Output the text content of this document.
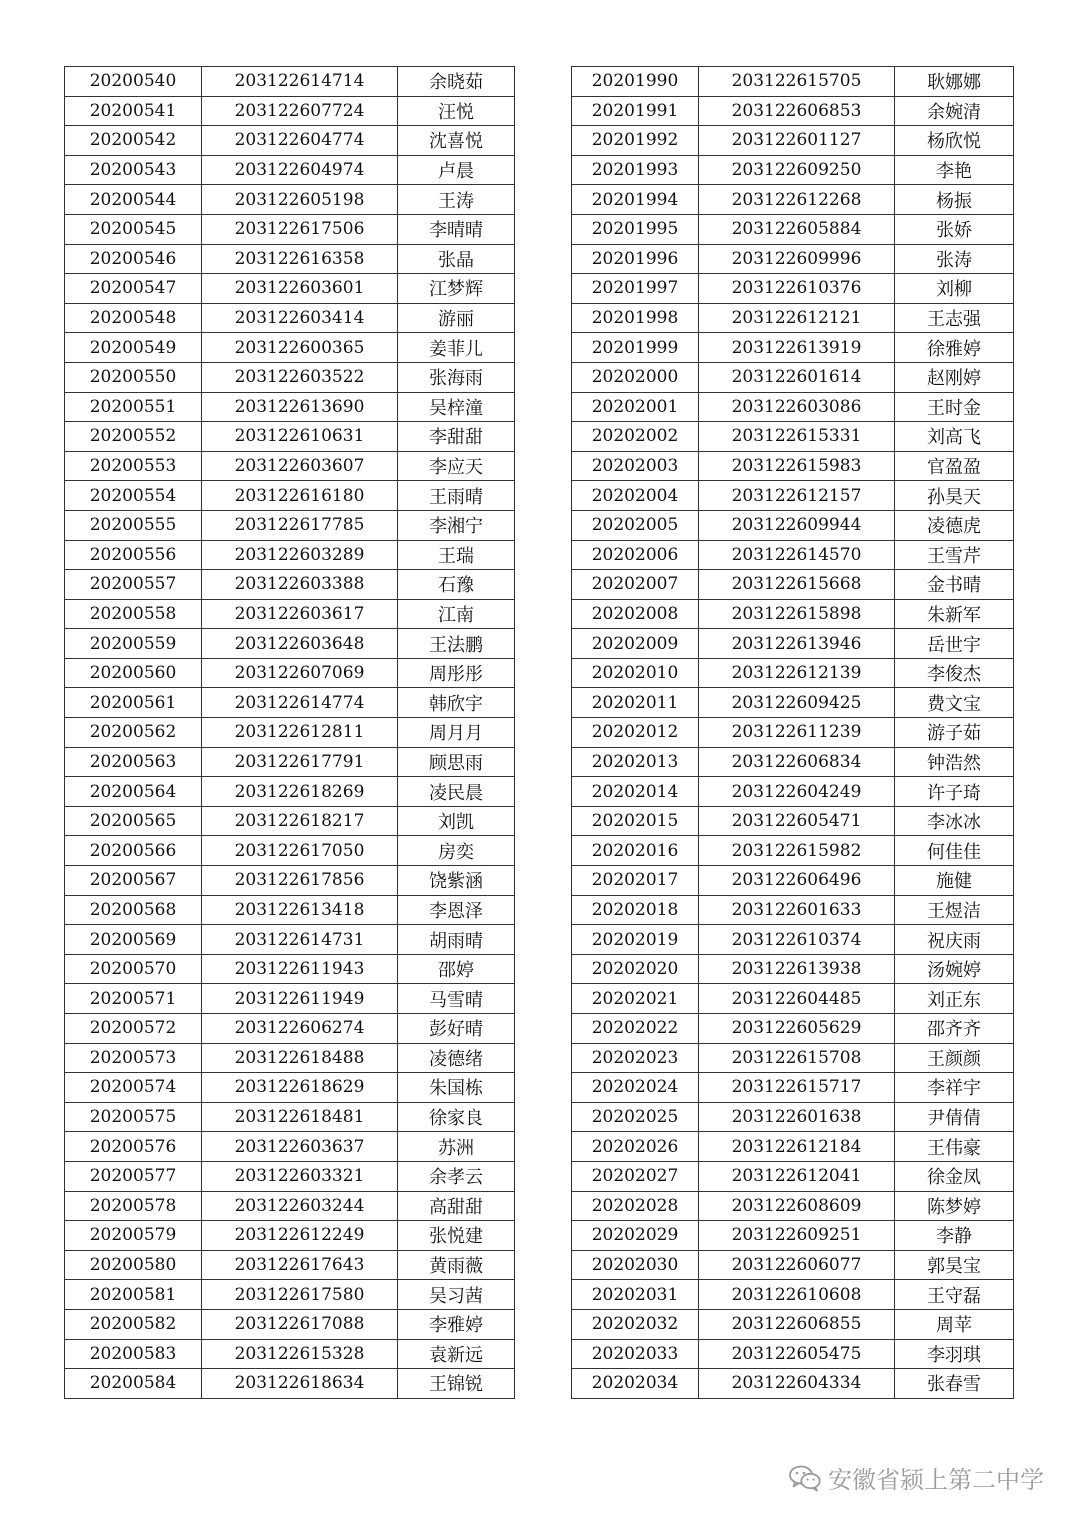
20200540	203122614714	余晓茹
20200541	203122607724	汪悦
20200542	203122604774	沈喜悦
20200543	203122604974	卢晨
20200544	203122605198	王涛
20200545	203122617506	李晴晴
20200546	203122616358	张晶
20200547	203122603601	江梦辉
20200548	203122603414	游丽
20200549	203122600365	姜菲儿
20200550	203122603522	张海雨
20200551	203122613690	吴梓潼
20200552	203122610631	李甜甜
20200553	203122603607	李应天
20200554	203122616180	王雨晴
20200555	203122617785	李湘宁
20200556	203122603289	王瑞
20200557	203122603388	石豫
20200558	203122603617	江南
20200559	203122603648	王法鹏
20200560	203122607069	周彤彤
20200561	203122614774	韩欣宇
20200562	203122612811	周月月
20200563	203122617791	顾思雨
20200564	203122618269	凌民晨
20200565	203122618217	刘凯
20200566	203122617050	房奕
20200567	203122617856	饶紫涵
20200568	203122613418	李恩泽
20200569	203122614731	胡雨晴
20200570	203122611943	邵婷
20200571	203122611949	马雪晴
20200572	203122606274	彭好晴
20200573	203122618488	凌德绪
20200574	203122618629	朱国栋
20200575	203122618481	徐家良
20200576	203122603637	苏洲
20200577	203122603321	余孝云
20200578	203122603244	高甜甜
20200579	203122612249	张悦建
20200580	203122617643	黄雨薇
20200581	203122617580	吴习茜
20200582	203122617088	李雅婷
20200583	203122615328	袁新远
20200584	203122618634	王锦锐
20201990	203122615705	耿娜娜
20201991	203122606853	余婉清
20201992	203122601127	杨欣悦
20201993	203122609250	李艳
20201994	203122612268	杨振
20201995	203122605884	张娇
20201996	203122609996	张涛
20201997	203122610376	刘柳
20201998	203122612121	王志强
20201999	203122613919	徐雅婷
20202000	203122601614	赵刚婷
20202001	203122603086	王时金
20202002	203122615331	刘高飞
20202003	203122615983	官盈盈
20202004	203122612157	孙昊天
20202005	203122609944	凌德虎
20202006	203122614570	王雪芹
20202007	203122615668	金书晴
20202008	203122615898	朱新军
20202009	203122613946	岳世宇
20202010	203122612139	李俊杰
20202011	203122609425	费文宝
20202012	203122611239	游子茹
20202013	203122606834	钟浩然
20202014	203122604249	许子琦
20202015	203122605471	李冰冰
20202016	203122615982	何佳佳
20202017	203122606496	施健
20202018	203122601633	王煜洁
20202019	203122610374	祝庆雨
20202020	203122613938	汤婉婷
20202021	203122604485	刘正东
20202022	203122605629	邵齐齐
20202023	203122615708	王颜颜
20202024	203122615717	李祥宇
20202025	203122601638	尹倩倩
20202026	203122612184	王伟豪
20202027	203122612041	徐金凤
20202028	203122608609	陈梦婷
20202029	203122609251	李静
20202030	203122606077	郭昊宝
20202031	203122610608	王守磊
20202032	203122606855	周苹
20202033	203122605475	李羽琪
20202034	203122604334	张春雪
安徽省颍上第二中学
